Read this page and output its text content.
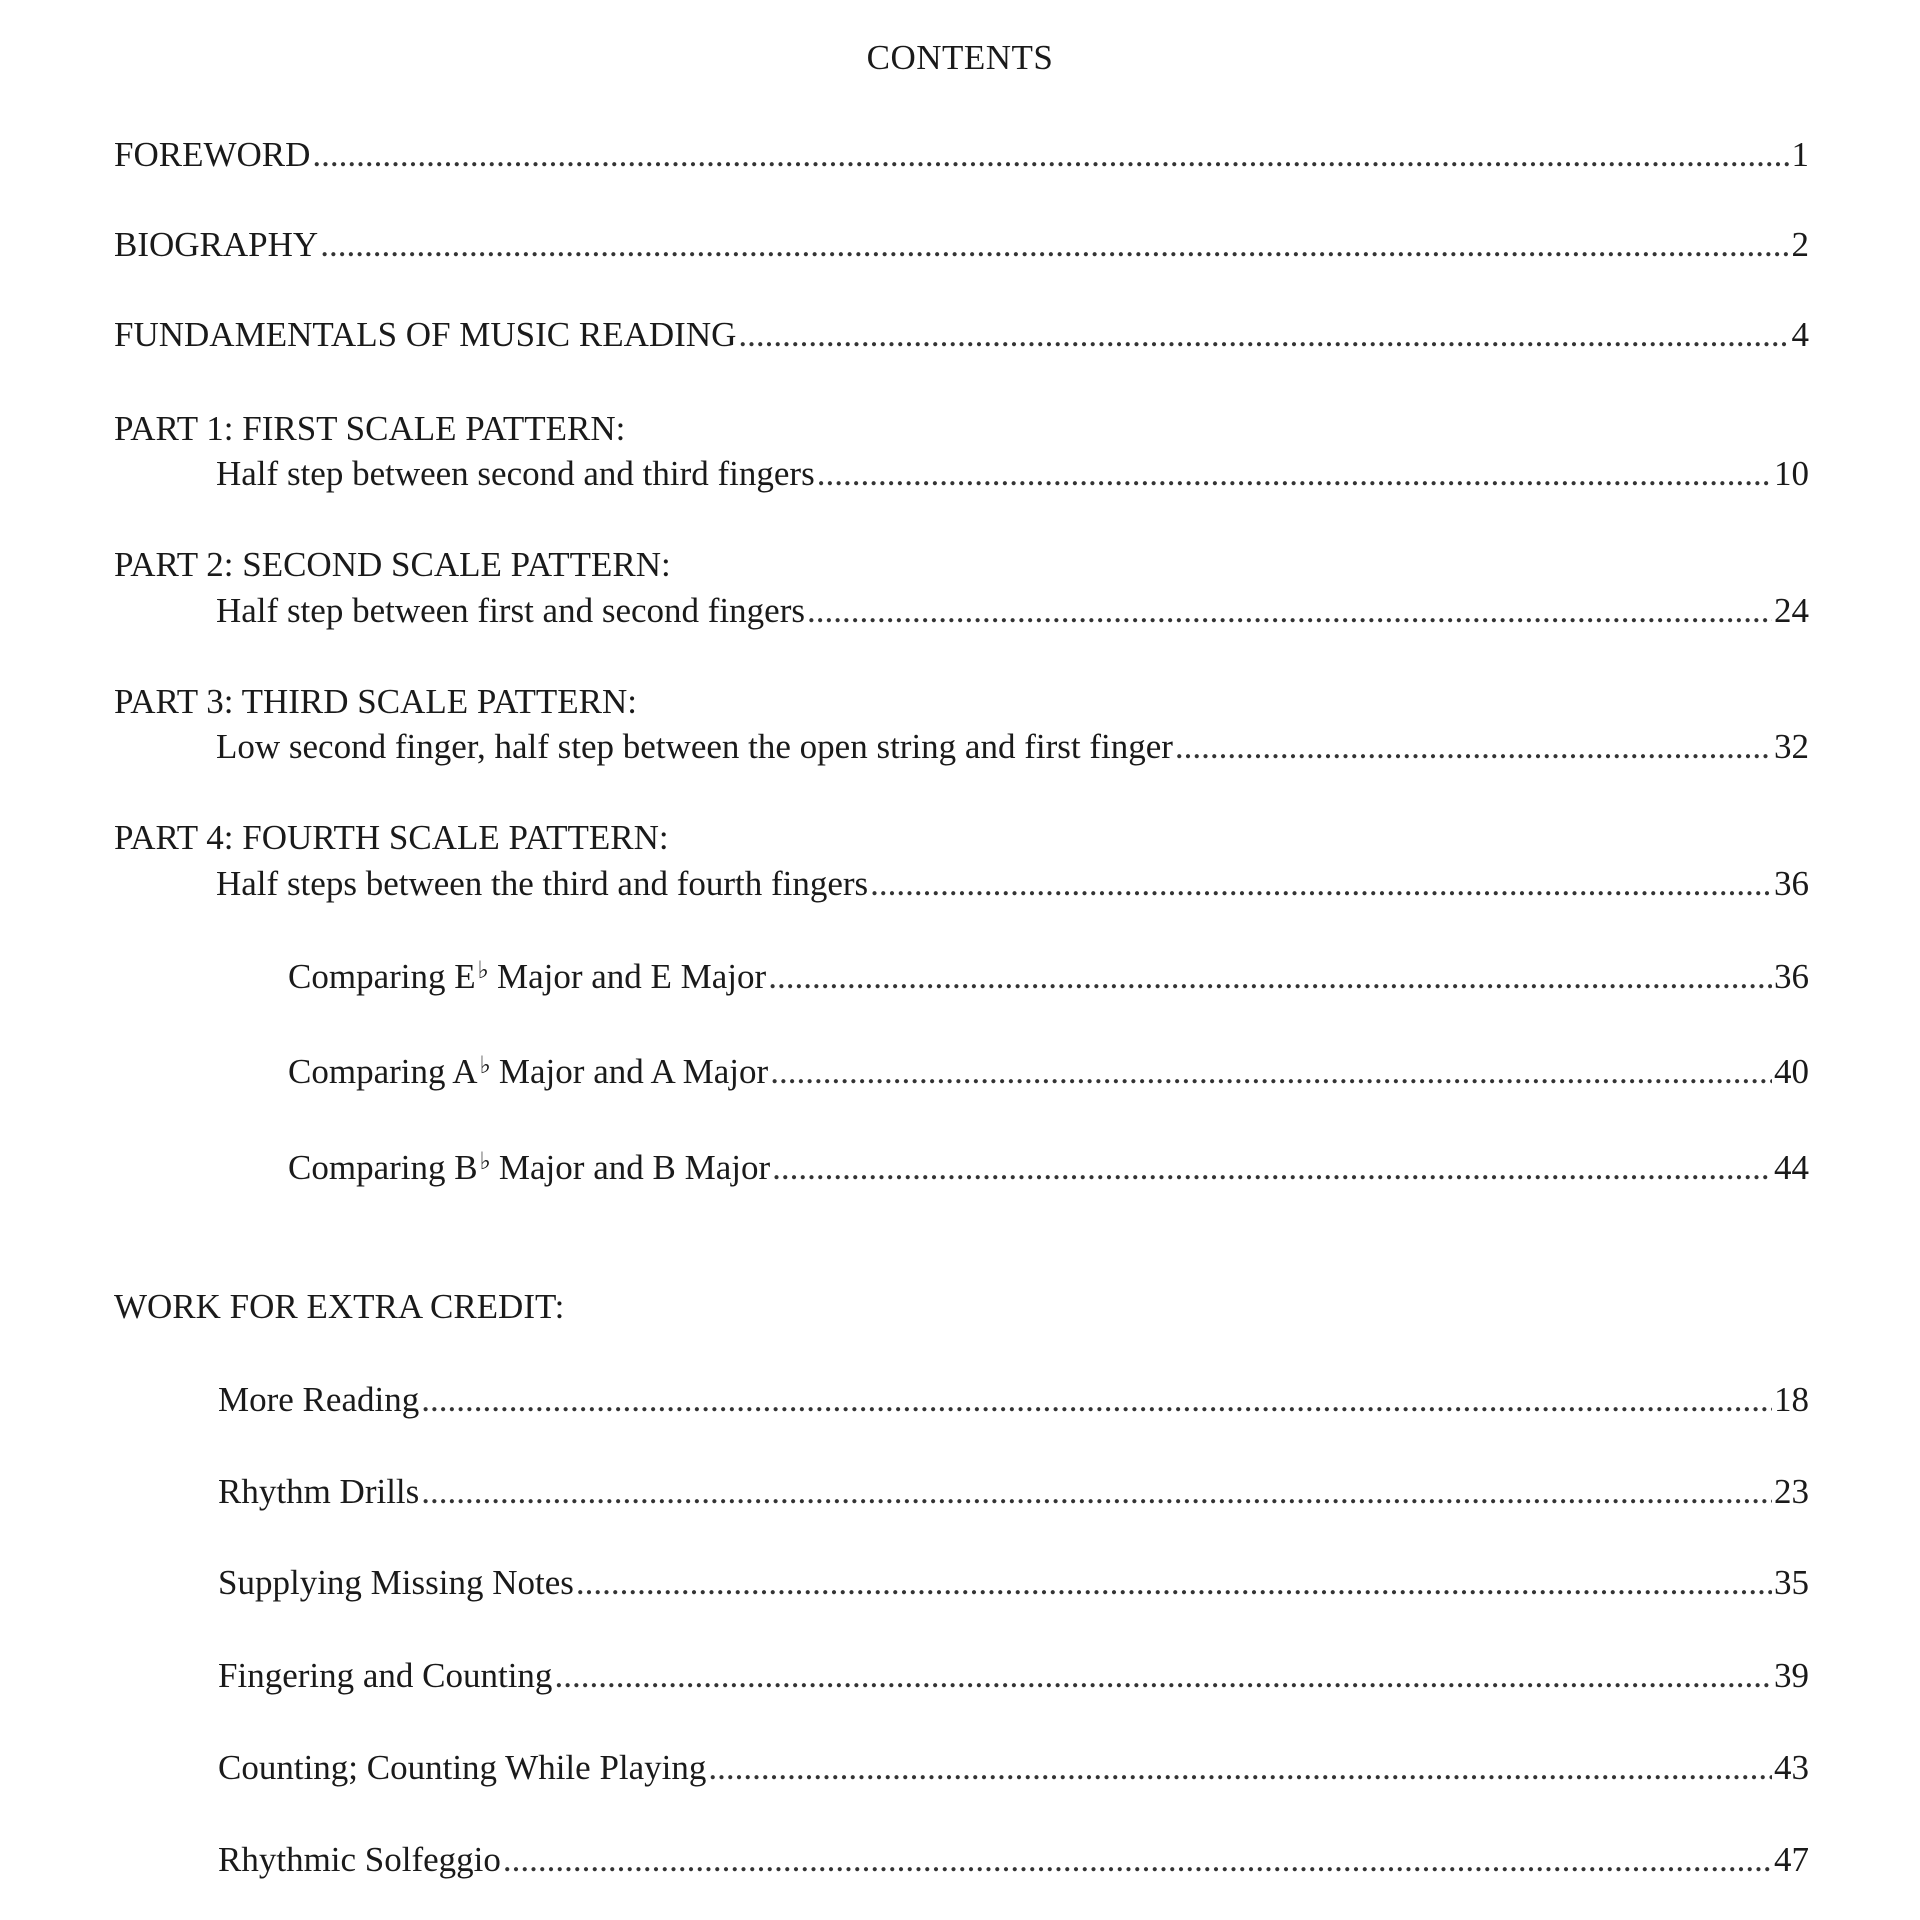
CONTENTS
FOREWORD .....	1
BIOGRAPHY .....	2
FUNDAMENTALS OF MUSIC READING .....	4
PART 1: FIRST SCALE PATTERN:
Half step between second and third fingers .....	10
PART 2: SECOND SCALE PATTERN:
Half step between first and second fingers .....	24
PART 3: THIRD SCALE PATTERN:
Low second finger, half step between the open string and first finger .....	32
PART 4: FOURTH SCALE PATTERN:
Half steps between the third and fourth fingers .....	36
Comparing E♭ Major and E Major .....	36
Comparing A♭ Major and A Major .....	40
Comparing B♭ Major and B Major .....	44
WORK FOR EXTRA CREDIT:
More Reading .....	18
Rhythm Drills .....	23
Supplying Missing Notes .....	35
Fingering and Counting .....	39
Counting; Counting While Playing .....	43
Rhythmic Solfeggio .....	47
